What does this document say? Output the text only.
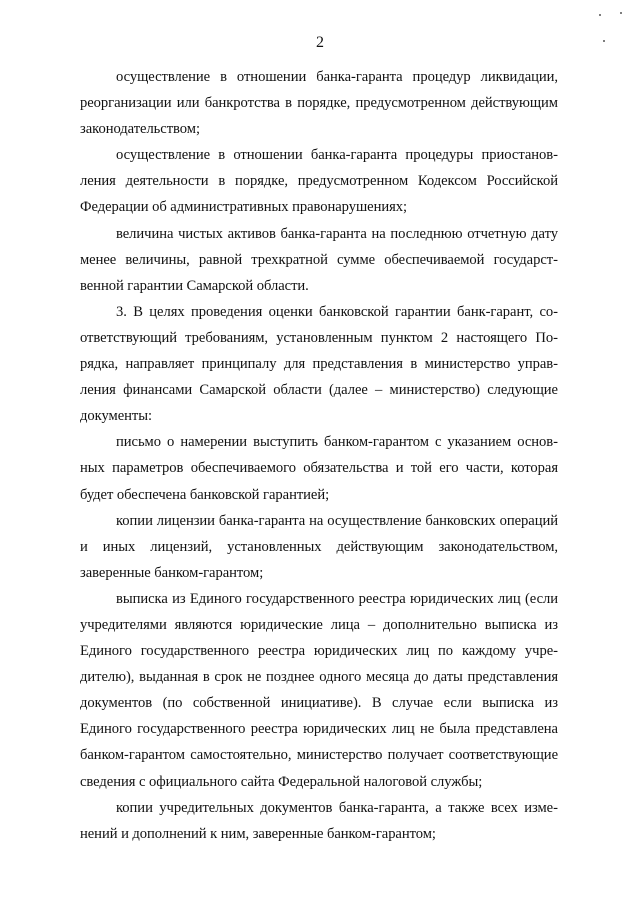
2

осуществление в отношении банка-гаранта процедур ликвидации, реорганизации или банкротства в порядке, предусмотренном действующим законодательством;

осуществление в отношении банка-гаранта процедуры приостановления деятельности в порядке, предусмотренном Кодексом Российской Федерации об административных правонарушениях;

величина чистых активов банка-гаранта на последнюю отчетную дату менее величины, равной трехкратной сумме обеспечиваемой государственной гарантии Самарской области.

3. В целях проведения оценки банковской гарантии банк-гарант, соответствующий требованиям, установленным пунктом 2 настоящего Порядка, направляет принципалу для представления в министерство управления финансами Самарской области (далее – министерство) следующие документы:

письмо о намерении выступить банком-гарантом с указанием основных параметров обеспечиваемого обязательства и той его части, которая будет обеспечена банковской гарантией;

копии лицензии банка-гаранта на осуществление банковских операций и иных лицензий, установленных действующим законодательством, заверенные банком-гарантом;

выписка из Единого государственного реестра юридических лиц (если учредителями являются юридические лица – дополнительно выписка из Единого государственного реестра юридических лиц по каждому учредителю), выданная в срок не позднее одного месяца до даты представления документов (по собственной инициативе). В случае если выписка из Единого государственного реестра юридических лиц не была представлена банком-гарантом самостоятельно, министерство получает соответствующие сведения с официального сайта Федеральной налоговой службы;

копии учредительных документов банка-гаранта, а также всех изменений и дополнений к ним, заверенные банком-гарантом;
